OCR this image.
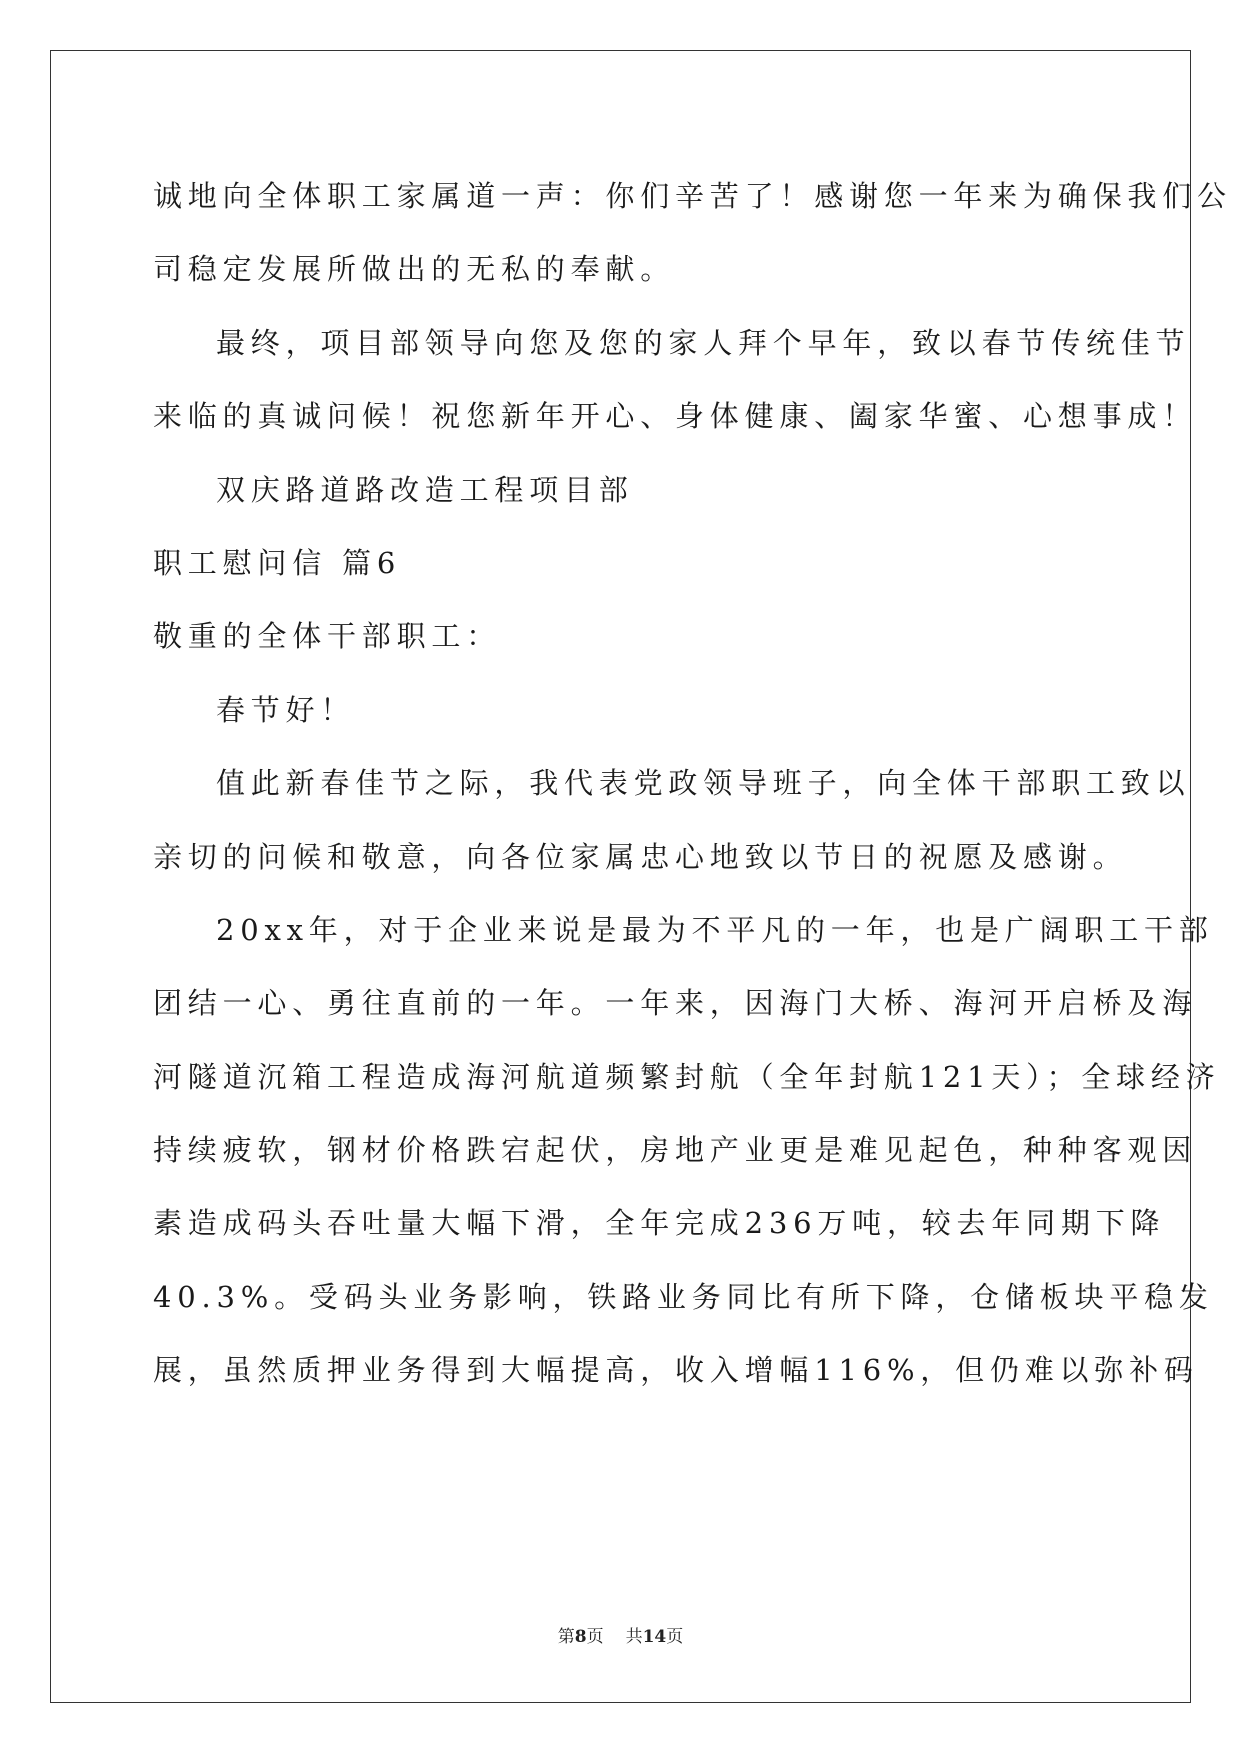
诚地向全体职工家属道一声：你们辛苦了！感谢您一年来为确保我们公
司稳定发展所做出的无私的奉献。
最终，项目部领导向您及您的家人拜个早年，致以春节传统佳节
来临的真诚问候！祝您新年开心、身体健康、阖家华蜜、心想事成！
双庆路道路改造工程项目部
职工慰问信 篇6
敬重的全体干部职工：
春节好！
值此新春佳节之际，我代表党政领导班子，向全体干部职工致以
亲切的问候和敬意，向各位家属忠心地致以节日的祝愿及感谢。
20xx年，对于企业来说是最为不平凡的一年，也是广阔职工干部
团结一心、勇往直前的一年。一年来，因海门大桥、海河开启桥及海
河隧道沉箱工程造成海河航道频繁封航（全年封航121天）；全球经济
持续疲软，钢材价格跌宕起伏，房地产业更是难见起色，种种客观因
素造成码头吞吐量大幅下滑，全年完成236万吨，较去年同期下降
40.3%。受码头业务影响，铁路业务同比有所下降，仓储板块平稳发
展，虽然质押业务得到大幅提高，收入增幅116%，但仍难以弥补码
第8页 共14页
